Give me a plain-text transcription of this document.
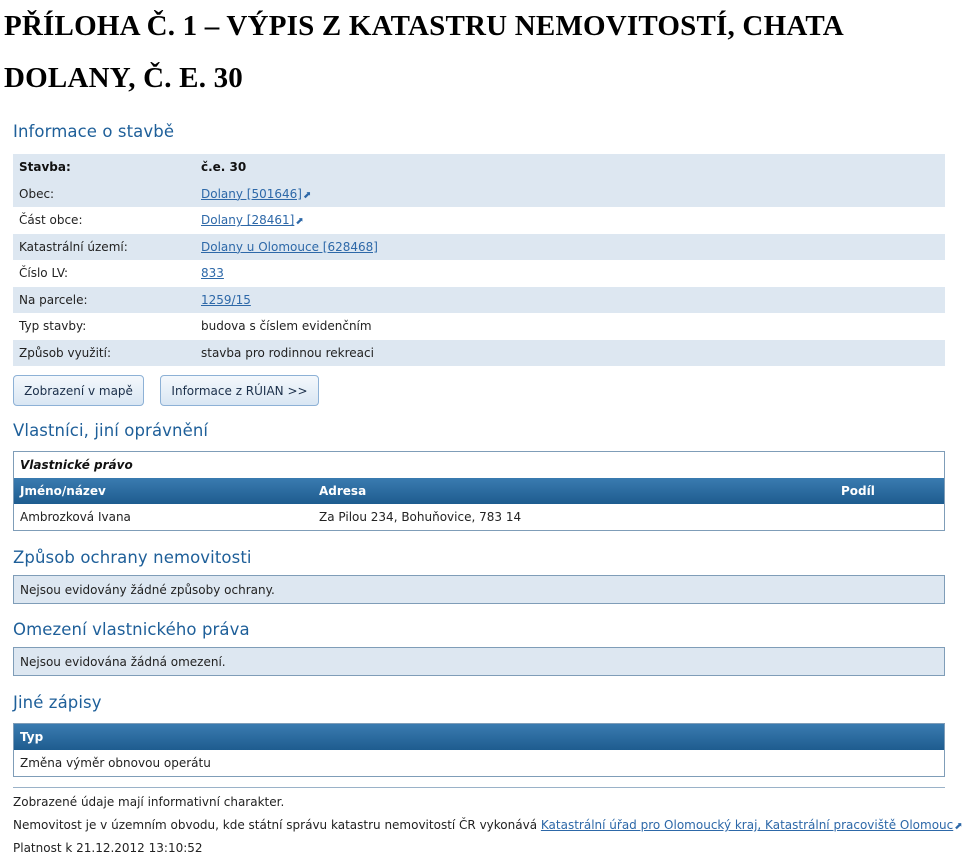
PŘÍLOHA Č. 1 – VÝPIS Z KATASTRU NEMOVITOSTÍ, CHATA DOLANY, Č. E. 30
Informace o stavbě
Stavba:	č.e. 30
Obec:	Dolany [501646]⬈
Část obce:	Dolany [28461]⬈
Katastrální území:	Dolany u Olomouce [628468]
Číslo LV:	833
Na parcele:	1259/15
Typ stavby:	budova s číslem evidenčním
Způsob využití:	stavba pro rodinnou rekreaci
Zobrazení v mapě	Informace z RÚIAN >>
Vlastníci, jiní oprávnění
Vlastnické právo
Jméno/název	Adresa	Podíl
Ambrozková Ivana	Za Pilou 234, Bohuňovice, 783 14
Způsob ochrany nemovitosti
Nejsou evidovány žádné způsoby ochrany.
Omezení vlastnického práva
Nejsou evidována žádná omezení.
Jiné zápisy
Typ
Změna výměr obnovou operátu
Zobrazené údaje mají informativní charakter.
Nemovitost je v územním obvodu, kde státní správu katastru nemovitostí ČR vykonává Katastrální úřad pro Olomoucký kraj, Katastrální pracoviště Olomouc⬈
Platnost k 21.12.2012 13:10:52
